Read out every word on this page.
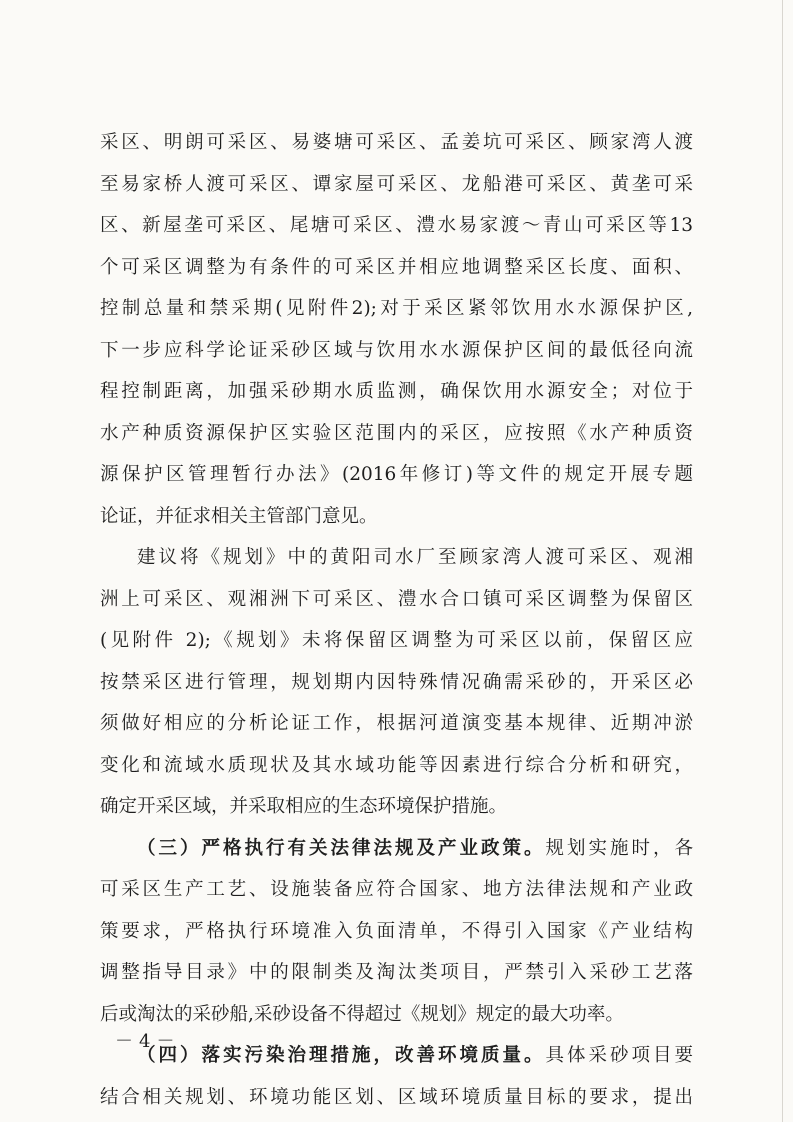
采区、明朗可采区、易婆塘可采区、孟姜坑可采区、顾家湾人渡
至易家桥人渡可采区、谭家屋可采区、龙船港可采区、黄垄可采
区、新屋垄可采区、尾塘可采区、澧水易家渡～青山可采区等13
个可采区调整为有条件的可采区并相应地调整采区长度、面积、
控制总量和禁采期(见附件2);对于采区紧邻饮用水水源保护区,
下一步应科学论证采砂区域与饮用水水源保护区间的最低径向流
程控制距离，加强采砂期水质监测，确保饮用水源安全；对位于
水产种质资源保护区实验区范围内的采区，应按照《水产种质资
源保护区管理暂行办法》(2016年修订)等文件的规定开展专题
论证，并征求相关主管部门意见。
建议将《规划》中的黄阳司水厂至顾家湾人渡可采区、观湘
洲上可采区、观湘洲下可采区、澧水合口镇可采区调整为保留区
(见附件 2);《规划》未将保留区调整为可采区以前，保留区应
按禁采区进行管理，规划期内因特殊情况确需采砂的，开采区必
须做好相应的分析论证工作，根据河道演变基本规律、近期冲淤
变化和流域水质现状及其水域功能等因素进行综合分析和研究，
确定开采区域，并采取相应的生态环境保护措施。
（三）严格执行有关法律法规及产业政策。规划实施时，各
可采区生产工艺、设施装备应符合国家、地方法律法规和产业政
策要求，严格执行环境准入负面清单，不得引入国家《产业结构
调整指导目录》中的限制类及淘汰类项目，严禁引入采砂工艺落
后或淘汰的采砂船,采砂设备不得超过《规划》规定的最大功率。
（四）落实污染治理措施，改善环境质量。具体采砂项目要
结合相关规划、环境功能区划、区域环境质量目标的要求，提出
－4－
